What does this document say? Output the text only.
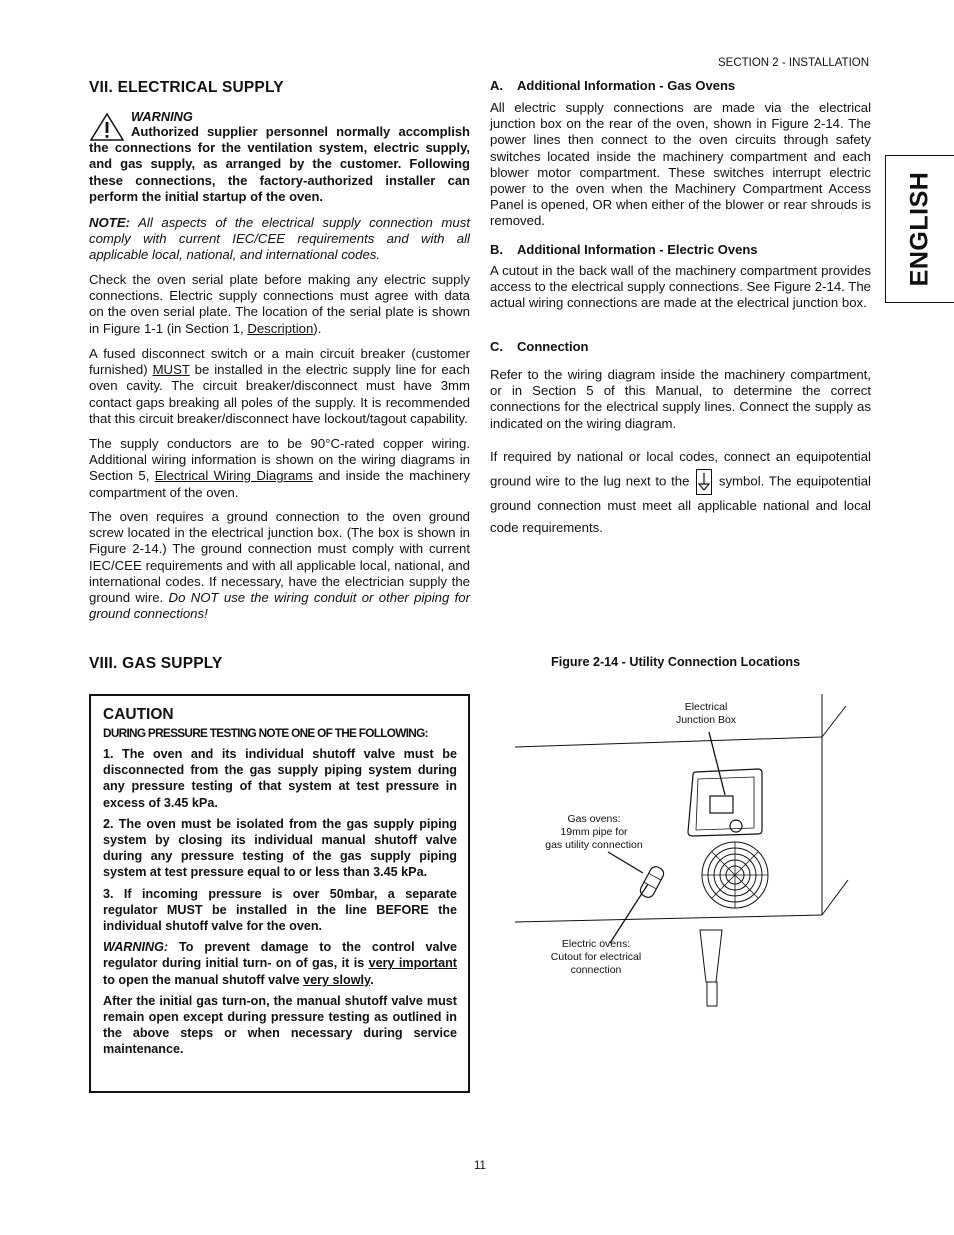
SECTION 2 - INSTALLATION
ENGLISH
VII. ELECTRICAL SUPPLY
WARNING

Authorized supplier personnel normally accomplish the connections for the ventilation system, electric supply, and gas supply, as arranged by the customer. Following these connections, the factory-authorized installer can perform the initial startup of the oven.

NOTE: All aspects of the electrical supply connection must comply with current IEC/CEE requirements and with all applicable local, national, and international codes.

Check the oven serial plate before making any electric supply connections. Electric supply connections must agree with data on the oven serial plate. The location of the serial plate is shown in Figure 1-1 (in Section 1, Description).

A fused disconnect switch or a main circuit breaker (customer furnished) MUST be installed in the electric supply line for each oven cavity. The circuit breaker/disconnect must have 3mm contact gaps breaking all poles of the supply. It is recommended that this circuit breaker/disconnect have lockout/tagout capability.

The supply conductors are to be 90°C-rated copper wiring. Additional wiring information is shown on the wiring diagrams in Section 5, Electrical Wiring Diagrams and inside the machinery compartment of the oven.

The oven requires a ground connection to the oven ground screw located in the electrical junction box. (The box is shown in Figure 2-14.) The ground connection must comply with current IEC/CEE requirements and with all applicable local, national, and international codes. If necessary, have the electrician supply the ground wire. Do NOT use the wiring conduit or other piping for ground connections!

A. Additional Information - Gas Ovens

All electric supply connections are made via the electrical junction box on the rear of the oven, shown in Figure 2-14. The power lines then connect to the oven circuits through safety switches located inside the machinery compartment and each blower motor compartment. These switches interrupt electric power to the oven when the Machinery Compartment Access Panel is opened, OR when either of the blower or rear shrouds is removed.

B. Additional Information - Electric Ovens

A cutout in the back wall of the machinery compartment provides access to the electrical supply connections. See Figure 2-14. The actual wiring connections are made at the electrical junction box.

C. Connection

Refer to the wiring diagram inside the machinery compartment, or in Section 5 of this Manual, to determine the correct connections for the electrical supply lines. Connect the supply as indicated on the wiring diagram.

If required by national or local codes, connect an equipotential ground wire to the lug next to the
symbol. The equipotential ground connection must meet all applicable national and local code requirements.

VIII. GAS SUPPLY
CAUTION

DURING PRESSURE TESTING NOTE ONE OF THE FOLLOWING:

1. The oven and its individual shutoff valve must be disconnected from the gas supply piping system during any pressure testing of that system at test pressure in excess of 3.45 kPa.

2. The oven must be isolated from the gas supply piping system by closing its individual manual shutoff valve during any pressure testing of the gas supply piping system at test pressure equal to or less than 3.45 kPa.

3. If incoming pressure is over 50mbar, a separate regulator MUST be installed in the line BEFORE the individual shutoff valve for the oven.

WARNING: To prevent damage to the control valve regulator during initial turn- on of gas, it is very important to open the manual shutoff valve very slowly.

After the initial gas turn-on, the manual shutoff valve must remain open except during pressure testing as outlined in the above steps or when necessary during service maintenance.

Figure 2-14 - Utility Connection Locations
Electrical
Junction Box
Gas ovens:
19mm pipe for
gas utility connection
Electric ovens:
Cutout for electrical
connection
11
